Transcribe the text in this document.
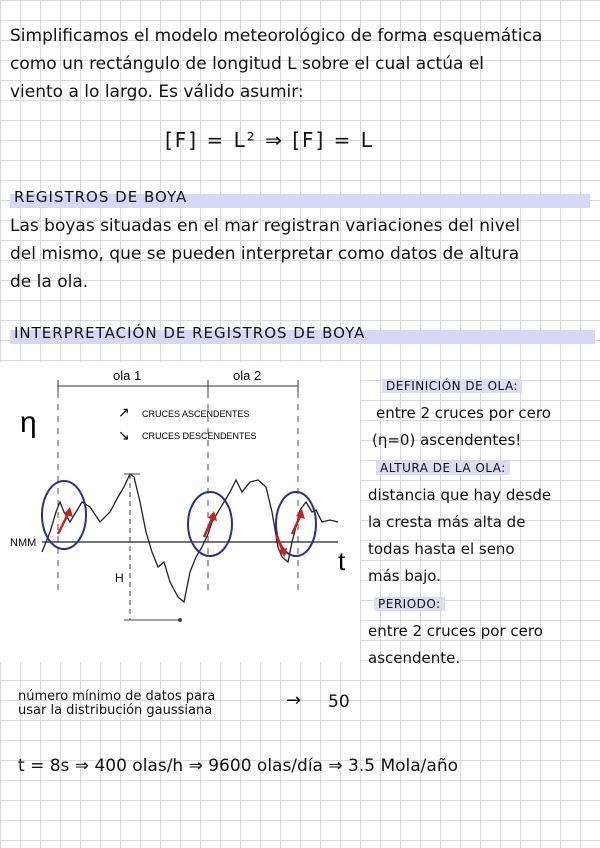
Simplificamos el modelo meteorológico de forma esquemática
como un rectángulo de longitud L sobre el cual actúa el
viento a lo largo. Es válido asumir:
[F] = L² ⇒ [F] = L
REGISTROS DE BOYA
Las boyas situadas en el mar registran variaciones del nivel
del mismo, que se pueden interpretar como datos de altura
de la ola.
INTERPRETACIÓN DE REGISTROS DE BOYA
ola 1	ola 2
η	↗ CRUCES ASCENDENTES
↘ CRUCES DESCENDENTES
NMM
t
H
DEFINICIÓN DE OLA:
entre 2 cruces por cero
(η=0) ascendentes!
ALTURA DE LA OLA:
distancia que hay desde
la cresta más alta de
todas hasta el seno
más bajo.
PERIODO:
entre 2 cruces por cero
ascendente.
número mínimo de datos para
usar la distribución gaussiana	→ 50
t = 8s ⇒ 400 olas/h ⇒ 9600 olas/día ⇒ 3.5 Mola/año
